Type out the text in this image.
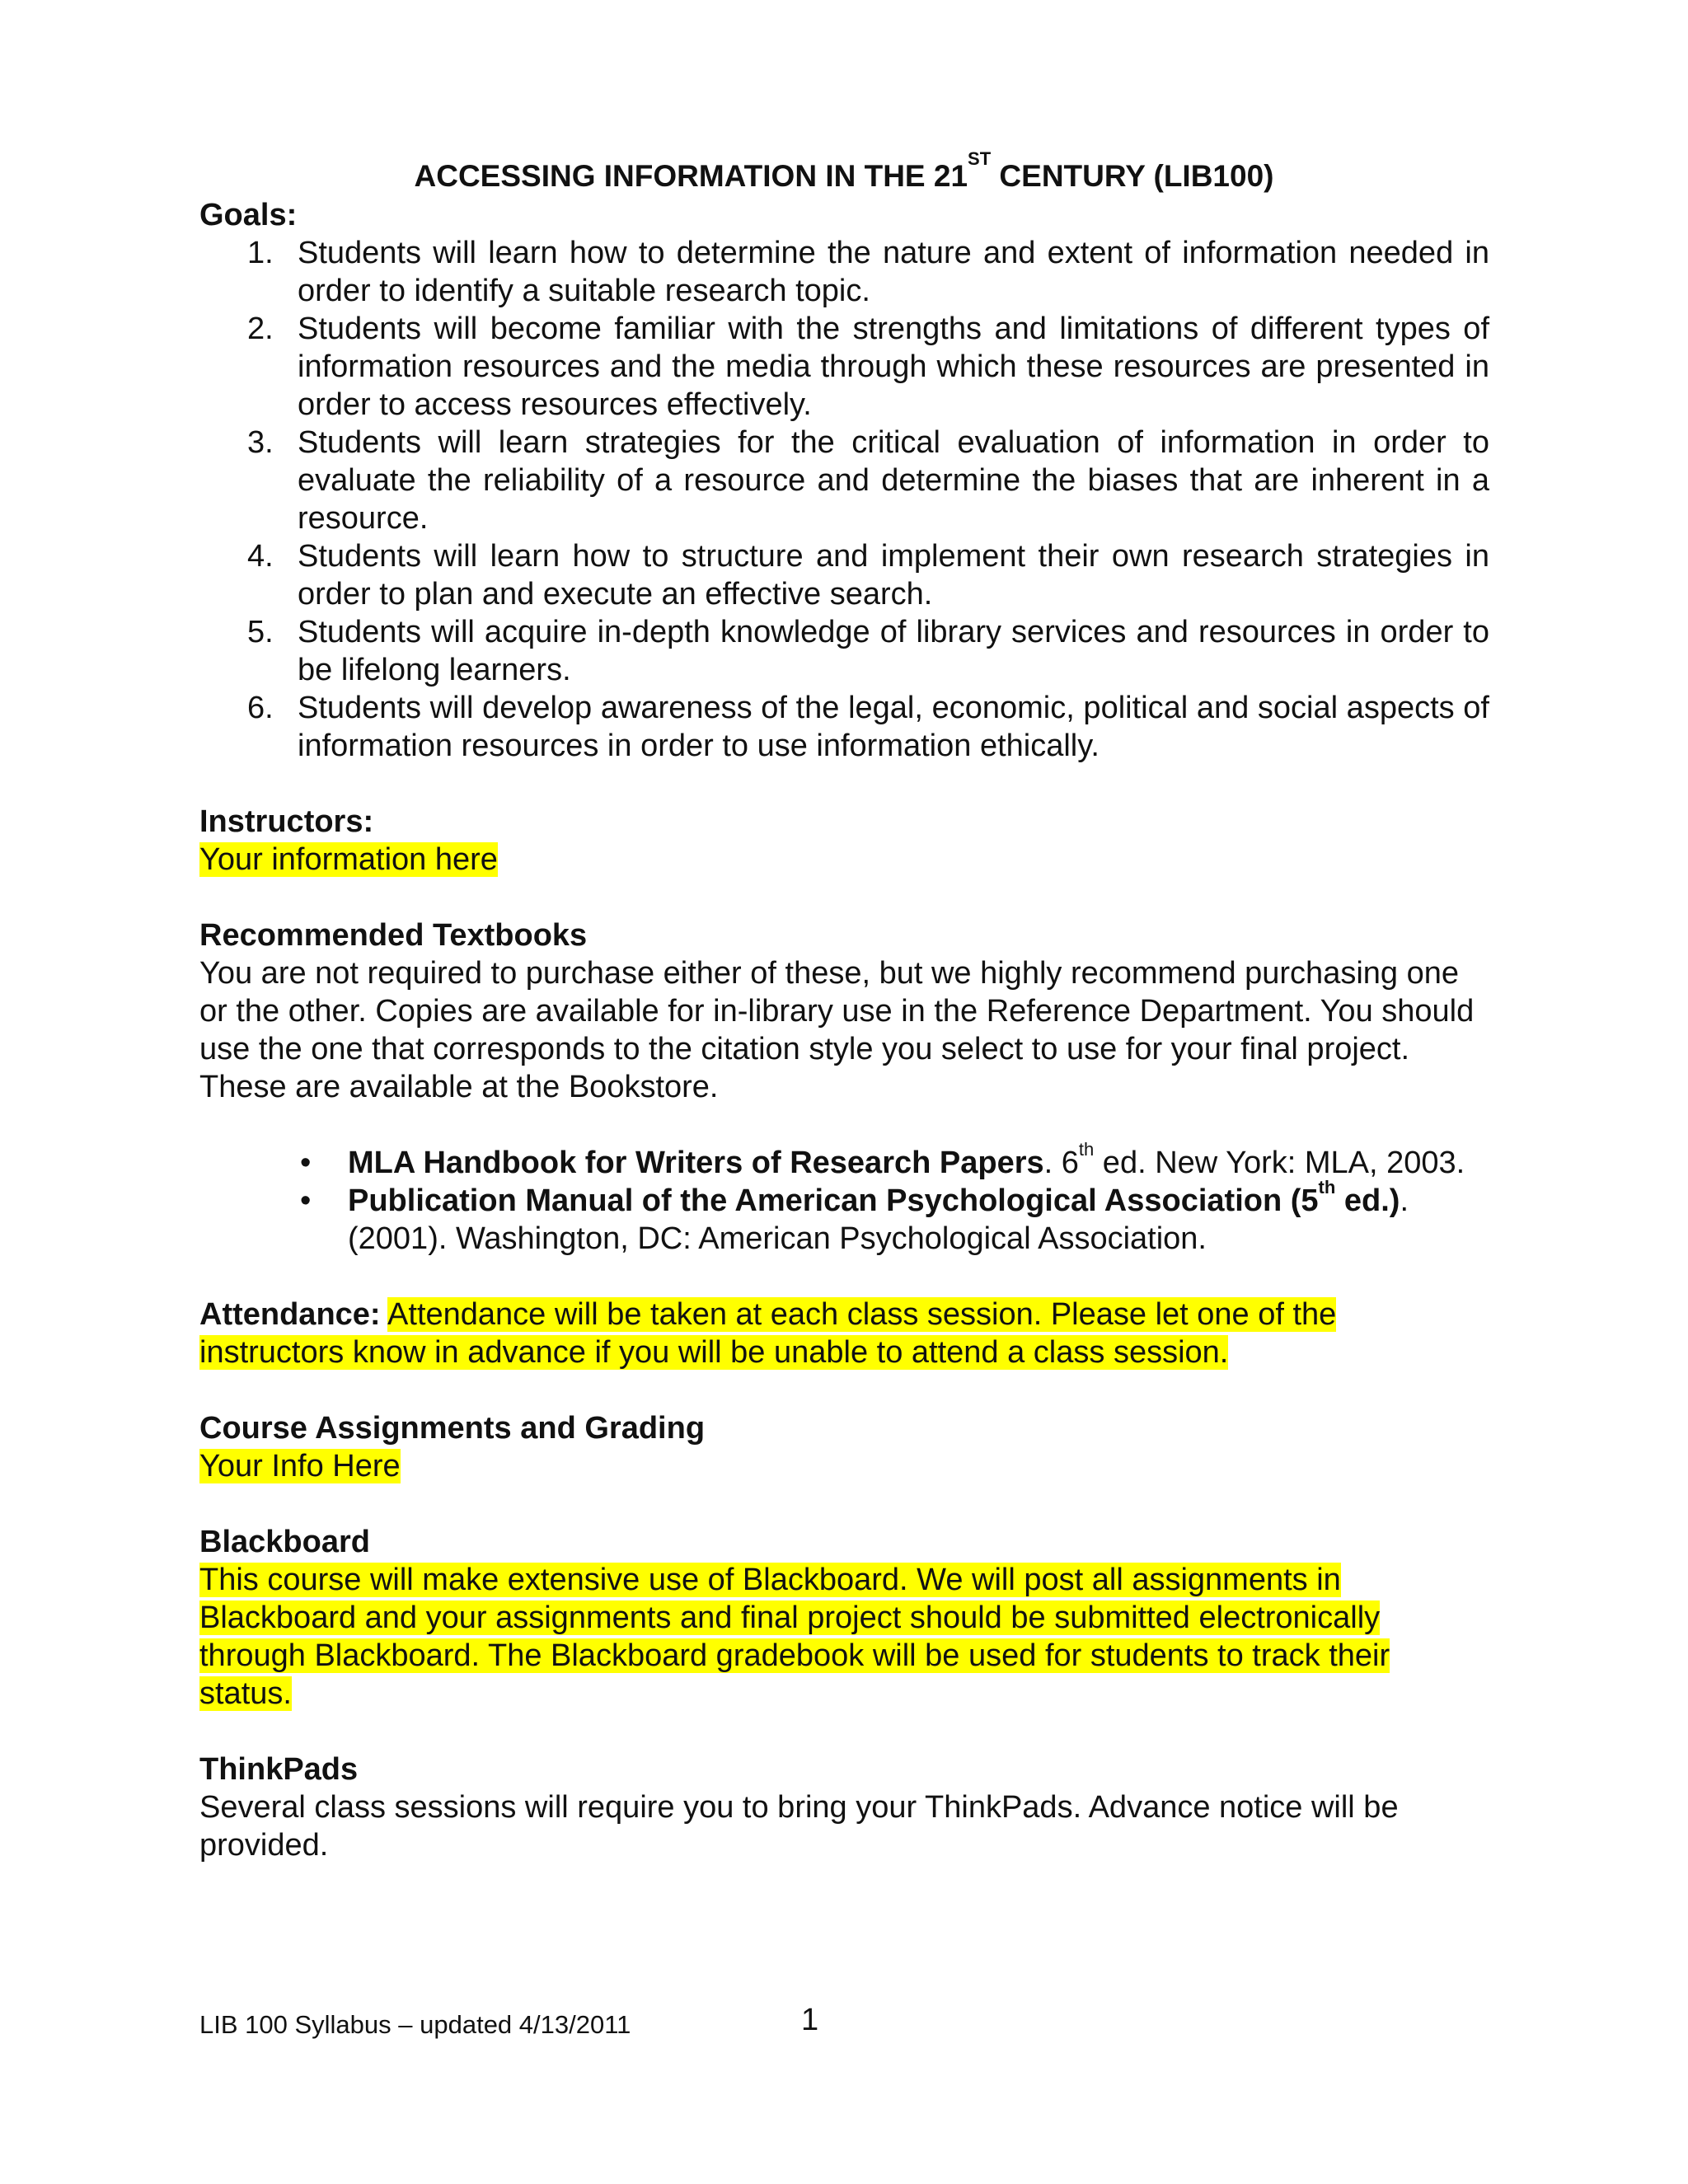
ACCESSING INFORMATION IN THE 21ST CENTURY (LIB100)
Goals:
1. Students will learn how to determine the nature and extent of information needed in order to identify a suitable research topic.
2. Students will become familiar with the strengths and limitations of different types of information resources and the media through which these resources are presented in order to access resources effectively.
3. Students will learn strategies for the critical evaluation of information in order to evaluate the reliability of a resource and determine the biases that are inherent in a resource.
4. Students will learn how to structure and implement their own research strategies in order to plan and execute an effective search.
5. Students will acquire in-depth knowledge of library services and resources in order to be lifelong learners.
6. Students will develop awareness of the legal, economic, political and social aspects of information resources in order to use information ethically.
Instructors:
Your information here
Recommended Textbooks
You are not required to purchase either of these, but we highly recommend purchasing one or the other. Copies are available for in-library use in the Reference Department. You should use the one that corresponds to the citation style you select to use for your final project. These are available at the Bookstore.
• MLA Handbook for Writers of Research Papers. 6th ed. New York: MLA, 2003.
• Publication Manual of the American Psychological Association (5th ed.). (2001). Washington, DC: American Psychological Association.
Attendance: Attendance will be taken at each class session. Please let one of the instructors know in advance if you will be unable to attend a class session.
Course Assignments and Grading
Your Info Here
Blackboard
This course will make extensive use of Blackboard. We will post all assignments in Blackboard and your assignments and final project should be submitted electronically through Blackboard. The Blackboard gradebook will be used for students to track their status.
ThinkPads
Several class sessions will require you to bring your ThinkPads. Advance notice will be provided.
LIB 100 Syllabus – updated 4/13/2011	1
